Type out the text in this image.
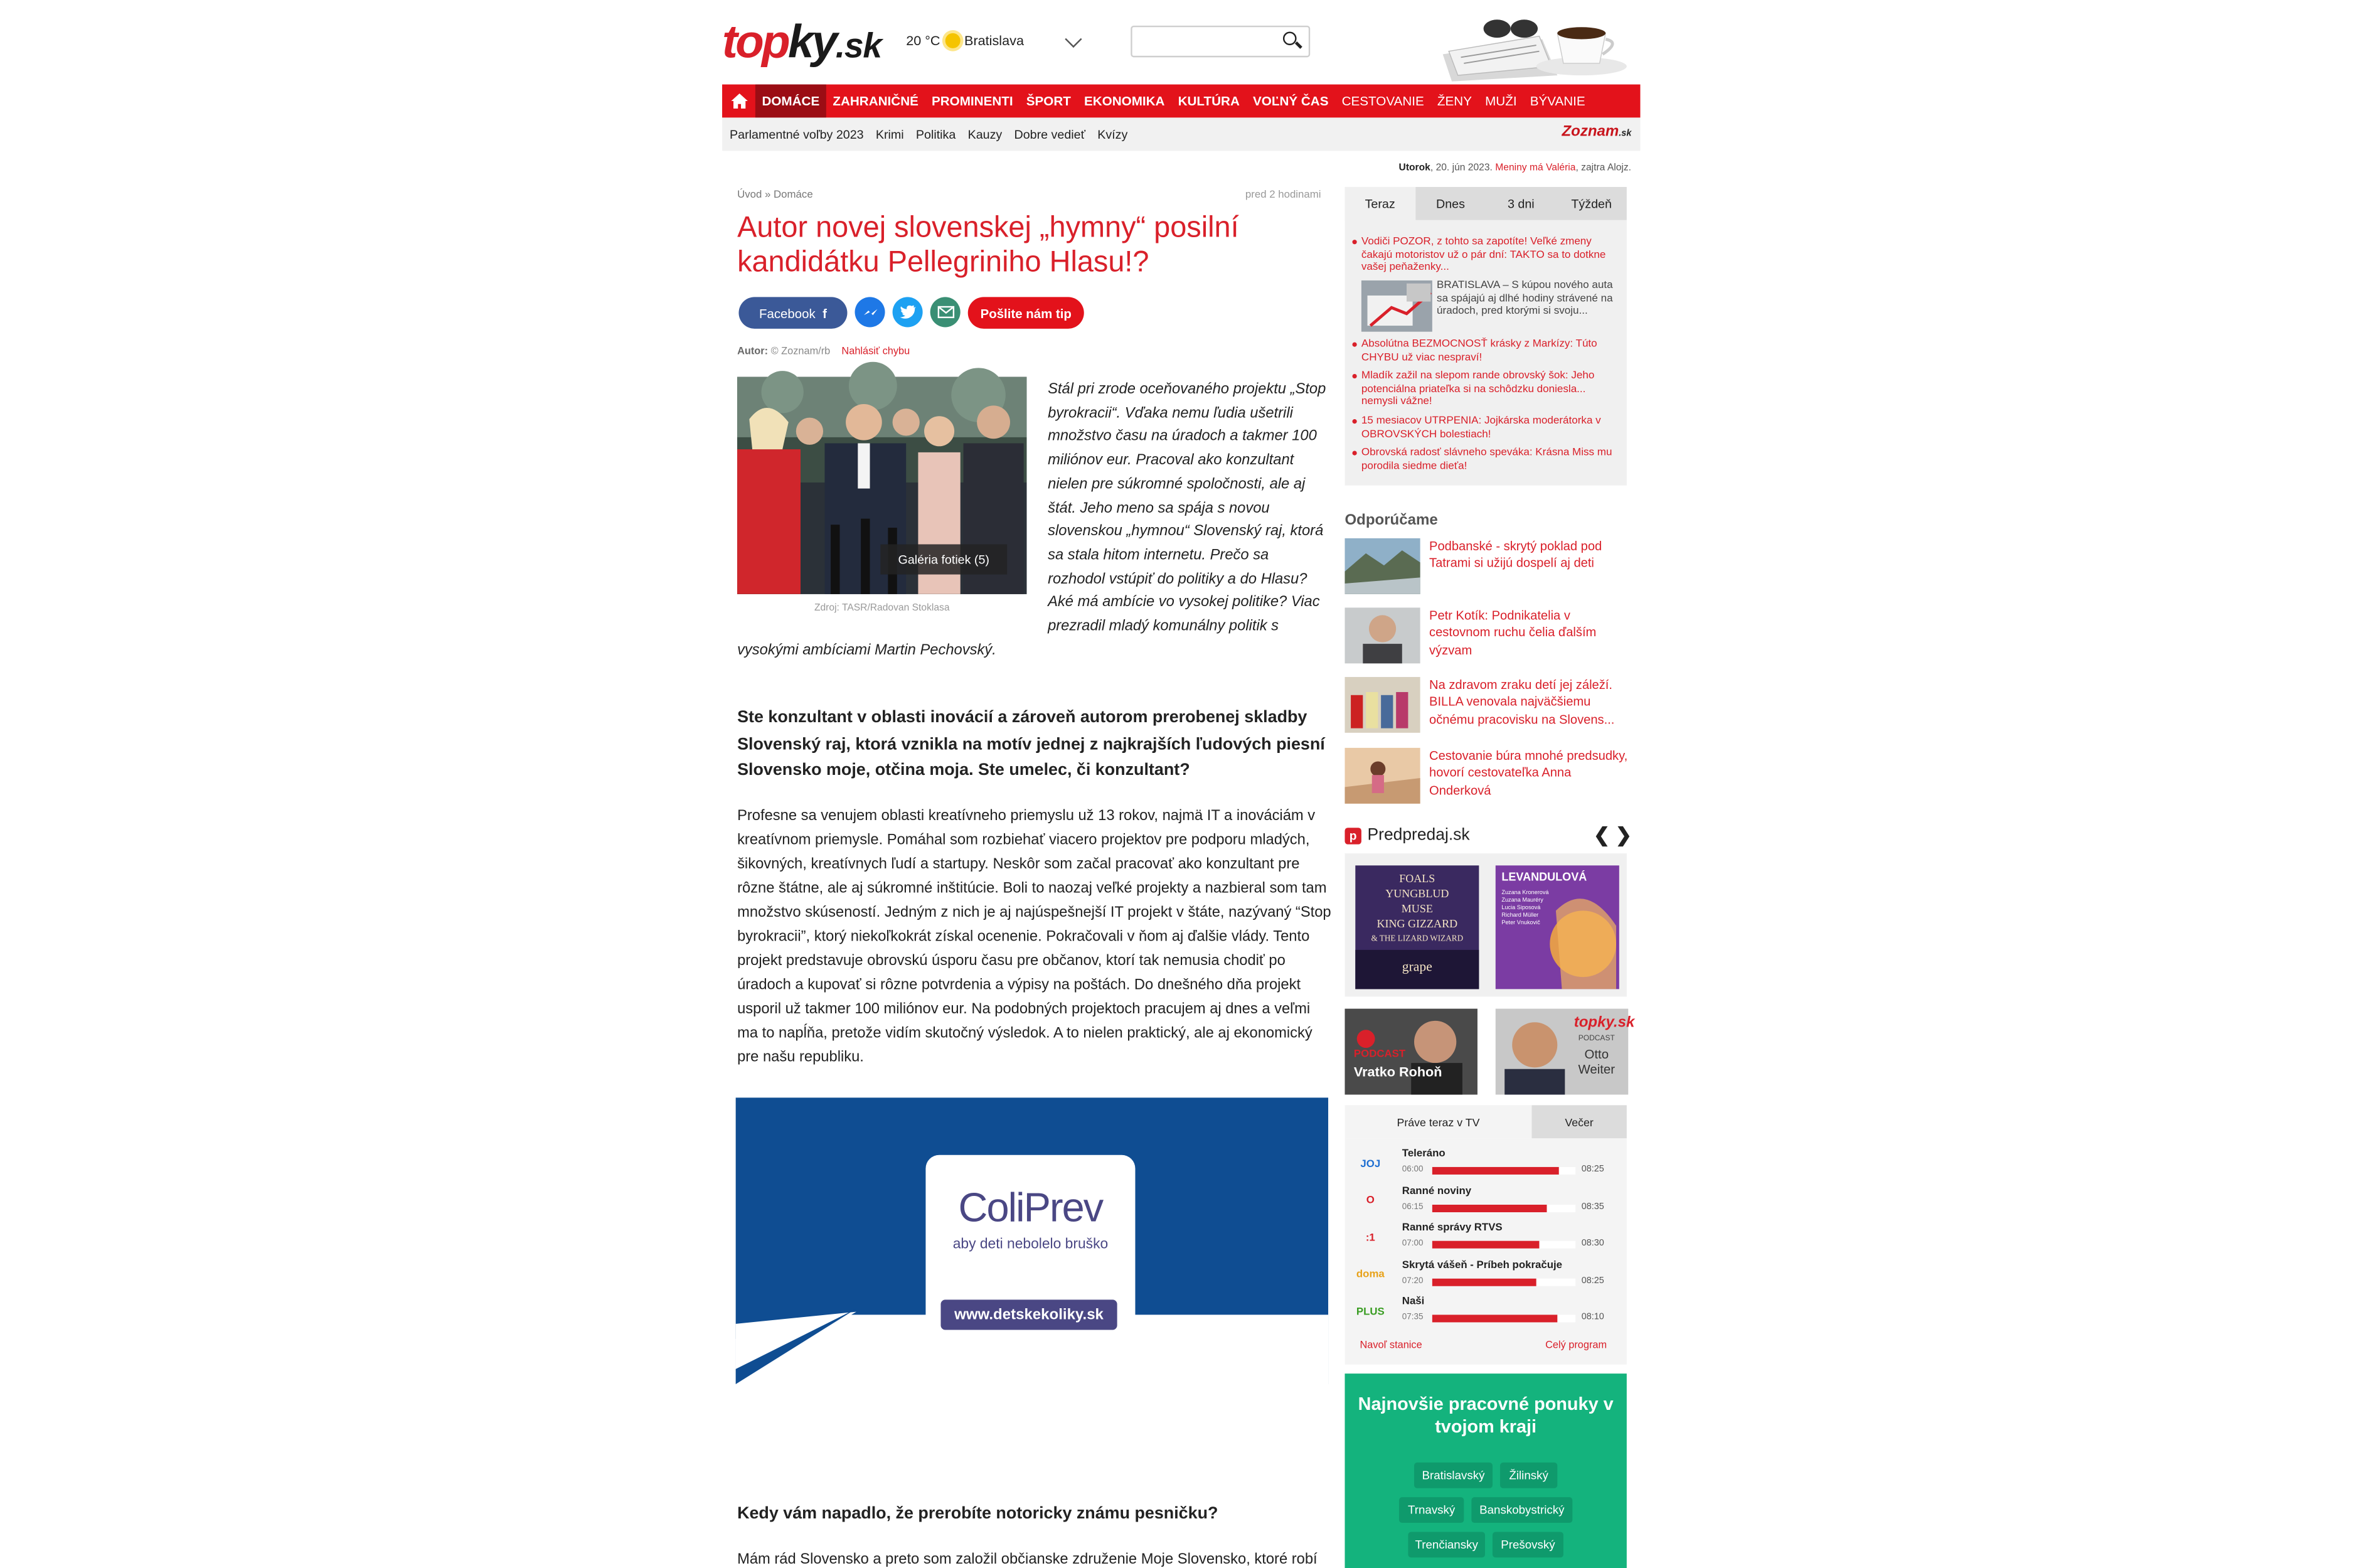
topky.sk	20 °C	Bratislava
DOMÁCE	ZAHRANIČNÉ	PROMINENTI	ŠPORT	EKONOMIKA	KULTÚRA	VOĽNÝ ČAS	CESTOVANIE	ŽENY	MUŽI	BÝVANIE
Parlamentné voľby 2023 Krimi Politika Kauzy Dobre vedieť Kvízy	Zoznam.sk
Utorok, 20. jún 2023. Meniny má Valéria, zajtra Alojz.
Úvod » Domáce	pred 2 hodinami
Autor novej slovenskej „hymny“ posilní kandidátku Pellegriniho Hlasu!?
Facebook
f	Pošlite nám tip
Autor: © Zoznam/rb	Nahlásiť chybu
Stál pri zrode oceňovaného projektu „Stop byrokracii“. Vďaka nemu ľudia ušetrili množstvo času na úradoch a takmer 100 miliónov eur. Pracoval ako konzultant nielen pre súkromné spoločnosti, ale aj štát. Jeho meno sa spája s novou slovenskou „hymnou“ Slovenský raj, ktorá sa stala hitom internetu. Prečo sa rozhodol vstúpiť do politiky a do Hlasu? Aké má ambície vo vysokej politike? Viac prezradil mladý komunálny politik s vysokými ambíciami Martin Pechovský.
Galéria fotiek (5)
Zdroj: TASR/Radovan Stoklasa
Ste konzultant v oblasti inovácií a zároveň autorom prerobenej skladby Slovenský raj, ktorá vznikla na motív jednej z najkrajších ľudových piesní Slovensko moje, otčina moja. Ste umelec, či konzultant?
Profesne sa venujem oblasti kreatívneho priemyslu už 13 rokov, najmä IT a inováciám v kreatívnom priemysle. Pomáhal som rozbiehať viacero projektov pre podporu mladých, šikovných, kreatívnych ľudí a startupy. Neskôr som začal pracovať ako konzultant pre rôzne štátne, ale aj súkromné inštitúcie. Boli to naozaj veľké projekty a nazbieral som tam množstvo skúseností. Jedným z nich je aj najúspešnejší IT projekt v štáte, nazývaný “Stop byrokracii”, ktorý niekoľkokrát získal ocenenie. Pokračovali v ňom aj ďalšie vlády. Tento projekt predstavuje obrovskú úsporu času pre občanov, ktorí tak nemusia chodiť po úradoch a kupovať si rôzne potvrdenia a výpisy na poštách. Do dnešného dňa projekt usporil už takmer 100 miliónov eur. Na podobných projektoch pracujem aj dnes a veľmi ma to napĺňa, pretože vidím skutočný výsledok. A to nielen praktický, ale aj ekonomický pre našu republiku.
ColiPrev
aby deti nebolelo bruško
www.detskekoliky.sk
Kedy vám napadlo, že prerobíte notoricky známu pesničku?
Mám rád Slovensko a preto som založil občianske združenie Moje Slovensko, ktoré robí
Teraz	Dnes	3 dni	Týždeň
Vodiči POZOR, z tohto sa zapotíte! Veľké zmeny čakajú motoristov už o pár dní: TAKTO sa to dotkne vašej peňaženky...
BRATISLAVA – S kúpou nového auta sa spájajú aj dlhé hodiny strávené na úradoch, pred ktorými si svoju...
Absolútna BEZMOCNOSŤ krásky z Markízy: Túto CHYBU už viac nespraví!
Mladík zažil na slepom rande obrovský šok: Jeho potenciálna priateľka si na schôdzku doniesla... nemysli vážne!
15 mesiacov UTRPENIA: Jojkárska moderátorka v OBROVSKÝCH bolestiach!
Obrovská radosť slávneho speváka: Krásna Miss mu porodila siedme dieťa!
Odporúčame
Podbanské - skrytý poklad pod Tatrami si užijú dospelí aj deti
Petr Kotík: Podnikatelia v cestovnom ruchu čelia ďalším výzvam
Na zdravom zraku detí jej záleží. BILLA venovala najväčšiemu očnému pracovisku na Slovens...
Cestovanie búra mnohé predsudky, hovorí cestovateľka Anna Onderková
p	Predpredaj.sk	❮ ❯
FOALS
YUNGBLUD
MUSE
KING GIZZARD
& THE LIZARD WIZARD
grape
LEVANDULOVÁ
Zuzana Kronerová
Zuzana Mauréry
Lucia Siposová
Richard Müller
Peter Vnukovič
PODCAST
Vratko Rohoň
topky.sk
PODCAST
Otto Weiter
Práve teraz v TV	Večer
Navoľ stanice	Celý program
JOJ
Teleráno
06:00	08:25
O
Ranné noviny
06:15	08:35
:1
Ranné správy RTVS
07:00	08:30
doma
Skrytá vášeň - Príbeh pokračuje
07:20	08:25
PLUS
Naši
07:35	08:10
Najnovšie pracovné ponuky v tvojom kraji
Bratislavský	Žilinský
Trnavský	Banskobystrický
Trenčiansky	Prešovský
